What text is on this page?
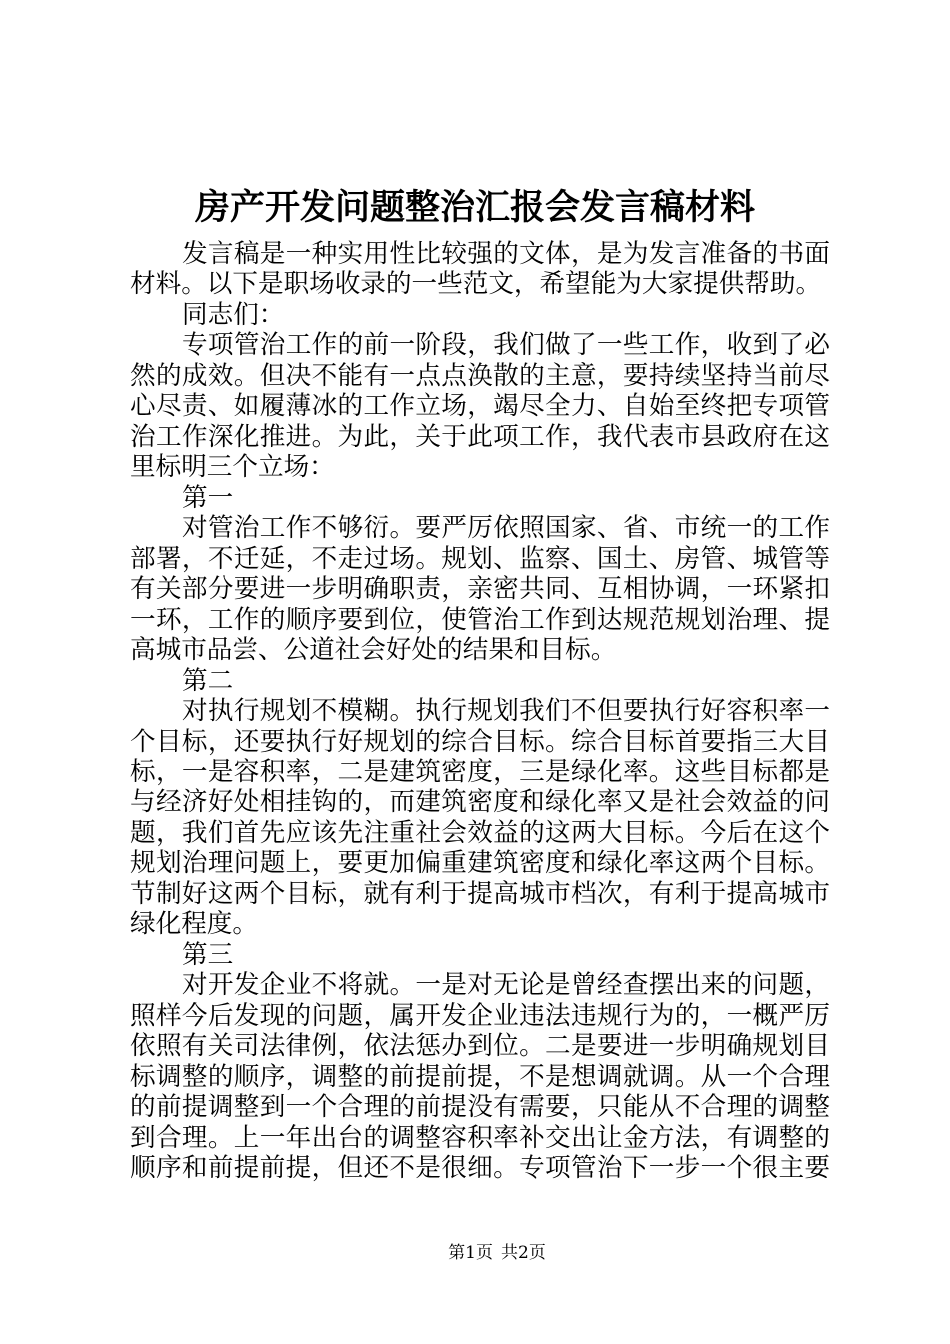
房产开发问题整治汇报会发言稿材料
发言稿是一种实用性比较强的文体，是为发言准备的书面
材料。以下是职场收录的一些范文，希望能为大家提供帮助。
同志们：
专项管治工作的前一阶段，我们做了一些工作，收到了必
然的成效。但决不能有一点点涣散的主意，要持续坚持当前尽
心尽责、如履薄冰的工作立场，竭尽全力、自始至终把专项管
治工作深化推进。为此，关于此项工作，我代表市县政府在这
里标明三个立场：
第一
对管治工作不够衍。要严厉依照国家、省、市统一的工作
部署，不迁延，不走过场。规划、监察、国土、房管、城管等
有关部分要进一步明确职责，亲密共同、互相协调，一环紧扣
一环，工作的顺序要到位，使管治工作到达规范规划治理、提
高城市品尝、公道社会好处的结果和目标。
第二
对执行规划不模糊。执行规划我们不但要执行好容积率一
个目标，还要执行好规划的综合目标。综合目标首要指三大目
标，一是容积率，二是建筑密度，三是绿化率。这些目标都是
与经济好处相挂钩的，而建筑密度和绿化率又是社会效益的问
题，我们首先应该先注重社会效益的这两大目标。今后在这个
规划治理问题上，要更加偏重建筑密度和绿化率这两个目标。
节制好这两个目标，就有利于提高城市档次，有利于提高城市
绿化程度。
第三
对开发企业不将就。一是对无论是曾经查摆出来的问题，
照样今后发现的问题，属开发企业违法违规行为的，一概严厉
依照有关司法律例，依法惩办到位。二是要进一步明确规划目
标调整的顺序，调整的前提前提，不是想调就调。从一个合理
的前提调整到一个合理的前提没有需要，只能从不合理的调整
到合理。上一年出台的调整容积率补交出让金方法，有调整的
顺序和前提前提，但还不是很细。专项管治下一步一个很主要
第1页 共2页
